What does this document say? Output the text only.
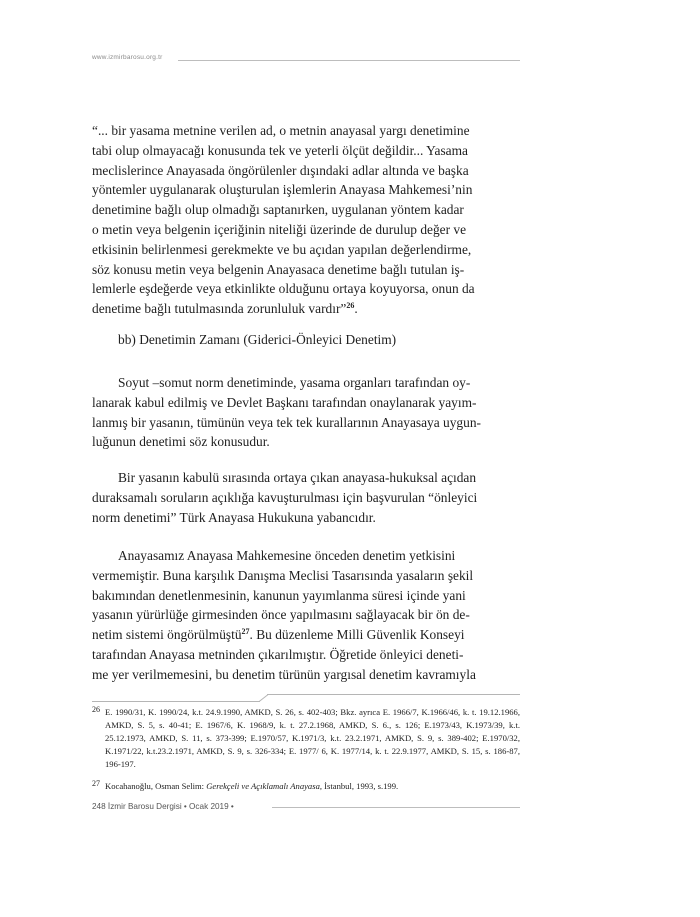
www.izmirbarosu.org.tr

“... bir yasama metnine verilen ad, o metnin anayasal yargı denetimine

tabi olup olmayacağı konusunda tek ve yeterli ölçüt değildir... Yasama

meclislerince Anayasada öngörülenler dışındaki adlar altında ve başka

yöntemler uygulanarak oluşturulan işlemlerin Anayasa Mahkemesi’nin

denetimine bağlı olup olmadığı saptanırken, uygulanan yöntem kadar

o metin veya belgenin içeriğinin niteliği üzerinde de durulup değer ve

etkisinin belirlenmesi gerekmekte ve bu açıdan yapılan değerlendirme,

söz konusu metin veya belgenin Anayasaca denetime bağlı tutulan iş-

lemlerle eşdeğerde veya etkinlikte olduğunu ortaya koyuyorsa, onun da

denetime bağlı tutulmasında zorunluluk vardır”$^{26}$.

bb) Denetimin Zamanı (Giderici-Önleyici Denetim)

Soyut –somut norm denetiminde, yasama organları tarafından oy-

lanarak kabul edilmiş ve Devlet Başkanı tarafından onaylanarak yayım-

lanmış bir yasanın, tümünün veya tek tek kurallarının Anayasaya uygun-

luğunun denetimi söz konusudur.

Bir yasanın kabulü sırasında ortaya çıkan anayasa-hukuksal açıdan

duraksamalı soruların açıklığa kavuşturulması için başvurulan “önleyici

norm denetimi” Türk Anayasa Hukukuna yabancıdır.

Anayasamız Anayasa Mahkemesine önceden denetim yetkisini

vermemiştir. Buna karşılık Danışma Meclisi Tasarısında yasaların şekil

bakımından denetlenmesinin, kanunun yayımlanma süresi içinde yani

yasanın yürürlüğe girmesinden önce yapılmasını sağlayacak bir ön de-

netim sistemi öngörülmüştü$^{27}$. Bu düzenleme Milli Güvenlik Konseyi

tarafından Anayasa metninden çıkarılmıştır. Öğretide önleyici deneti-

me yer verilmemesini, bu denetim türünün yargısal denetim kavramıyla

26 E. 1990/31, K. 1990/24, k.t. 24.9.1990, AMKD, S. 26, s. 402-403; Bkz. ayrıca E. 1966/7, K.1966/46, k. t. 19.12.1966, AMKD, S. 5, s. 40-41; E. 1967/6, K. 1968/9, k. t. 27.2.1968, AMKD, S. 6., s. 126; E.1973/43, K.1973/39, k.t. 25.12.1973, AMKD, S. 11, s. 373-399; E.1970/57, K.1971/3, k.t. 23.2.1971, AMKD, S. 9, s. 389-402; E.1970/32, K.1971/22, k.t.23.2.1971, AMKD, S. 9, s. 326-334; E. 1977/ 6, K. 1977/14, k. t. 22.9.1977, AMKD, S. 15, s. 186-87, 196-197.
27 Kocahanoğlu, Osman Selim: Gerekçeli ve Açıklamalı Anayasa, İstanbul, 1993, s.199.
248 İzmir Barosu Dergisi • Ocak 2019 •
